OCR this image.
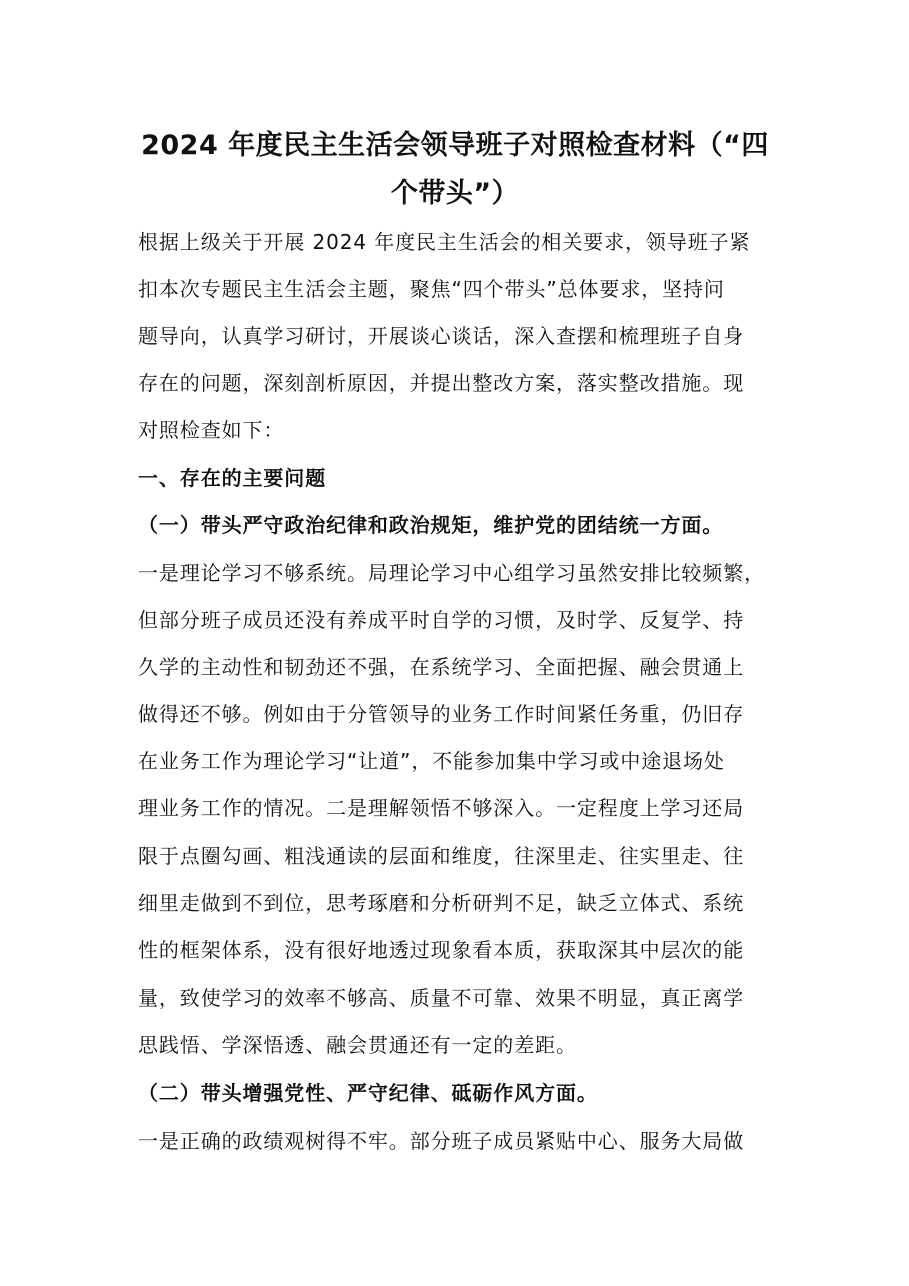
2024 年度民主生活会领导班子对照检查材料（“四
个带头”）
根据上级关于开展 2024 年度民主生活会的相关要求，领导班子紧
扣本次专题民主生活会主题，聚焦“四个带头”总体要求，坚持问
题导向，认真学习研讨，开展谈心谈话，深入查摆和梳理班子自身
存在的问题，深刻剖析原因，并提出整改方案，落实整改措施。现
对照检查如下：
一、存在的主要问题
（一）带头严守政治纪律和政治规矩，维护党的团结统一方面。
一是理论学习不够系统。局理论学习中心组学习虽然安排比较频繁，
但部分班子成员还没有养成平时自学的习惯，及时学、反复学、持
久学的主动性和韧劲还不强，在系统学习、全面把握、融会贯通上
做得还不够。例如由于分管领导的业务工作时间紧任务重，仍旧存
在业务工作为理论学习“让道”，不能参加集中学习或中途退场处
理业务工作的情况。二是理解领悟不够深入。一定程度上学习还局
限于点圈勾画、粗浅通读的层面和维度，往深里走、往实里走、往
细里走做到不到位，思考琢磨和分析研判不足，缺乏立体式、系统
性的框架体系，没有很好地透过现象看本质，获取深其中层次的能
量，致使学习的效率不够高、质量不可靠、效果不明显，真正离学
思践悟、学深悟透、融会贯通还有一定的差距。
（二）带头增强党性、严守纪律、砥砺作风方面。
一是正确的政绩观树得不牢。部分班子成员紧贴中心、服务大局做
